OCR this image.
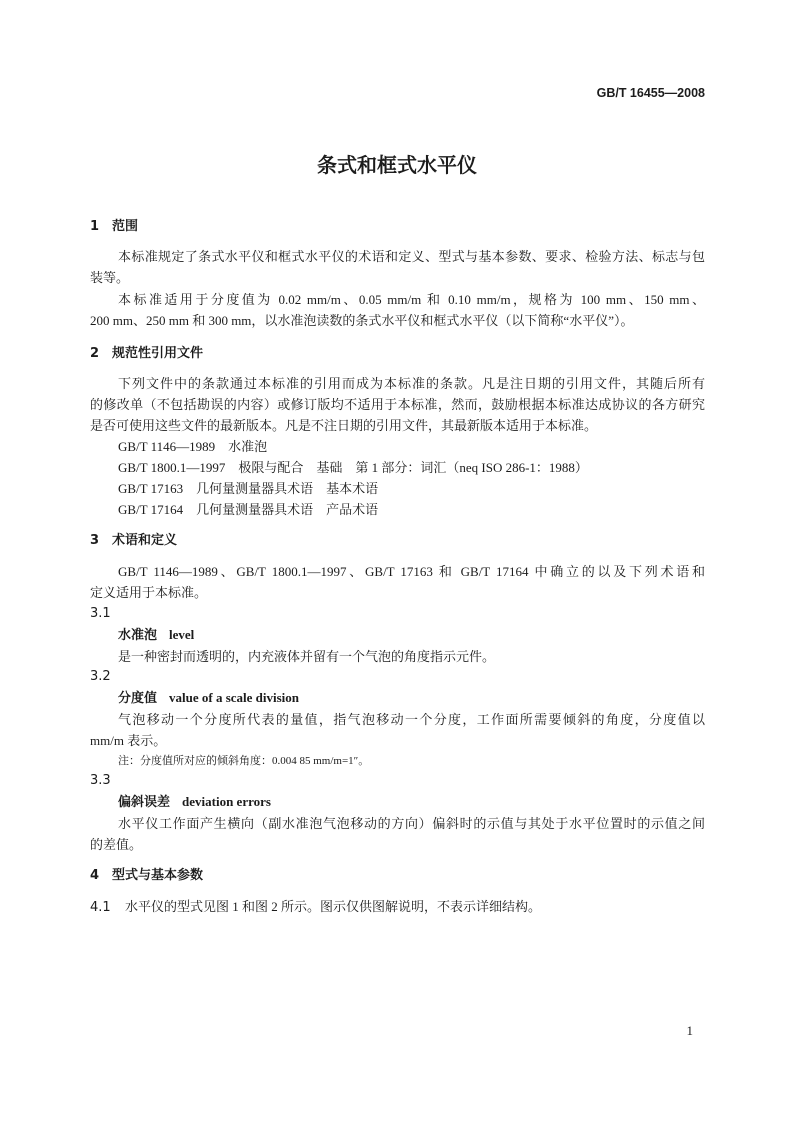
GB/T 16455—2008
条式和框式水平仪
1 范围
本标准规定了条式水平仪和框式水平仪的术语和定义、型式与基本参数、要求、检验方法、标志与包
装等。
本标准适用于分度值为 0.02 mm/m、0.05 mm/m 和 0.10 mm/m，规格为 100 mm、150 mm、
200 mm、250 mm 和 300 mm，以水准泡读数的条式水平仪和框式水平仪（以下简称“水平仪”）。
2 规范性引用文件
下列文件中的条款通过本标准的引用而成为本标准的条款。凡是注日期的引用文件，其随后所有
的修改单（不包括勘误的内容）或修订版均不适用于本标准，然而，鼓励根据本标准达成协议的各方研究
是否可使用这些文件的最新版本。凡是不注日期的引用文件，其最新版本适用于本标准。
GB/T 1146—1989　水准泡
GB/T 1800.1—1997　极限与配合　基础　第 1 部分：词汇（neq ISO 286-1：1988）
GB/T 17163　几何量测量器具术语　基本术语
GB/T 17164　几何量测量器具术语　产品术语
3 术语和定义
GB/T 1146—1989、GB/T 1800.1—1997、GB/T 17163 和 GB/T 17164 中确立的以及下列术语和
定义适用于本标准。
3.1
水准泡 level
是一种密封而透明的，内充液体并留有一个气泡的角度指示元件。
3.2
分度值 value of a scale division
气泡移动一个分度所代表的量值，指气泡移动一个分度，工作面所需要倾斜的角度，分度值以
mm/m 表示。
注：分度值所对应的倾斜角度：0.004 85 mm/m=1″。
3.3
偏斜误差 deviation errors
水平仪工作面产生横向（副水准泡气泡移动的方向）偏斜时的示值与其处于水平位置时的示值之间
的差值。
4 型式与基本参数
4.1 水平仪的型式见图 1 和图 2 所示。图示仅供图解说明，不表示详细结构。
1
